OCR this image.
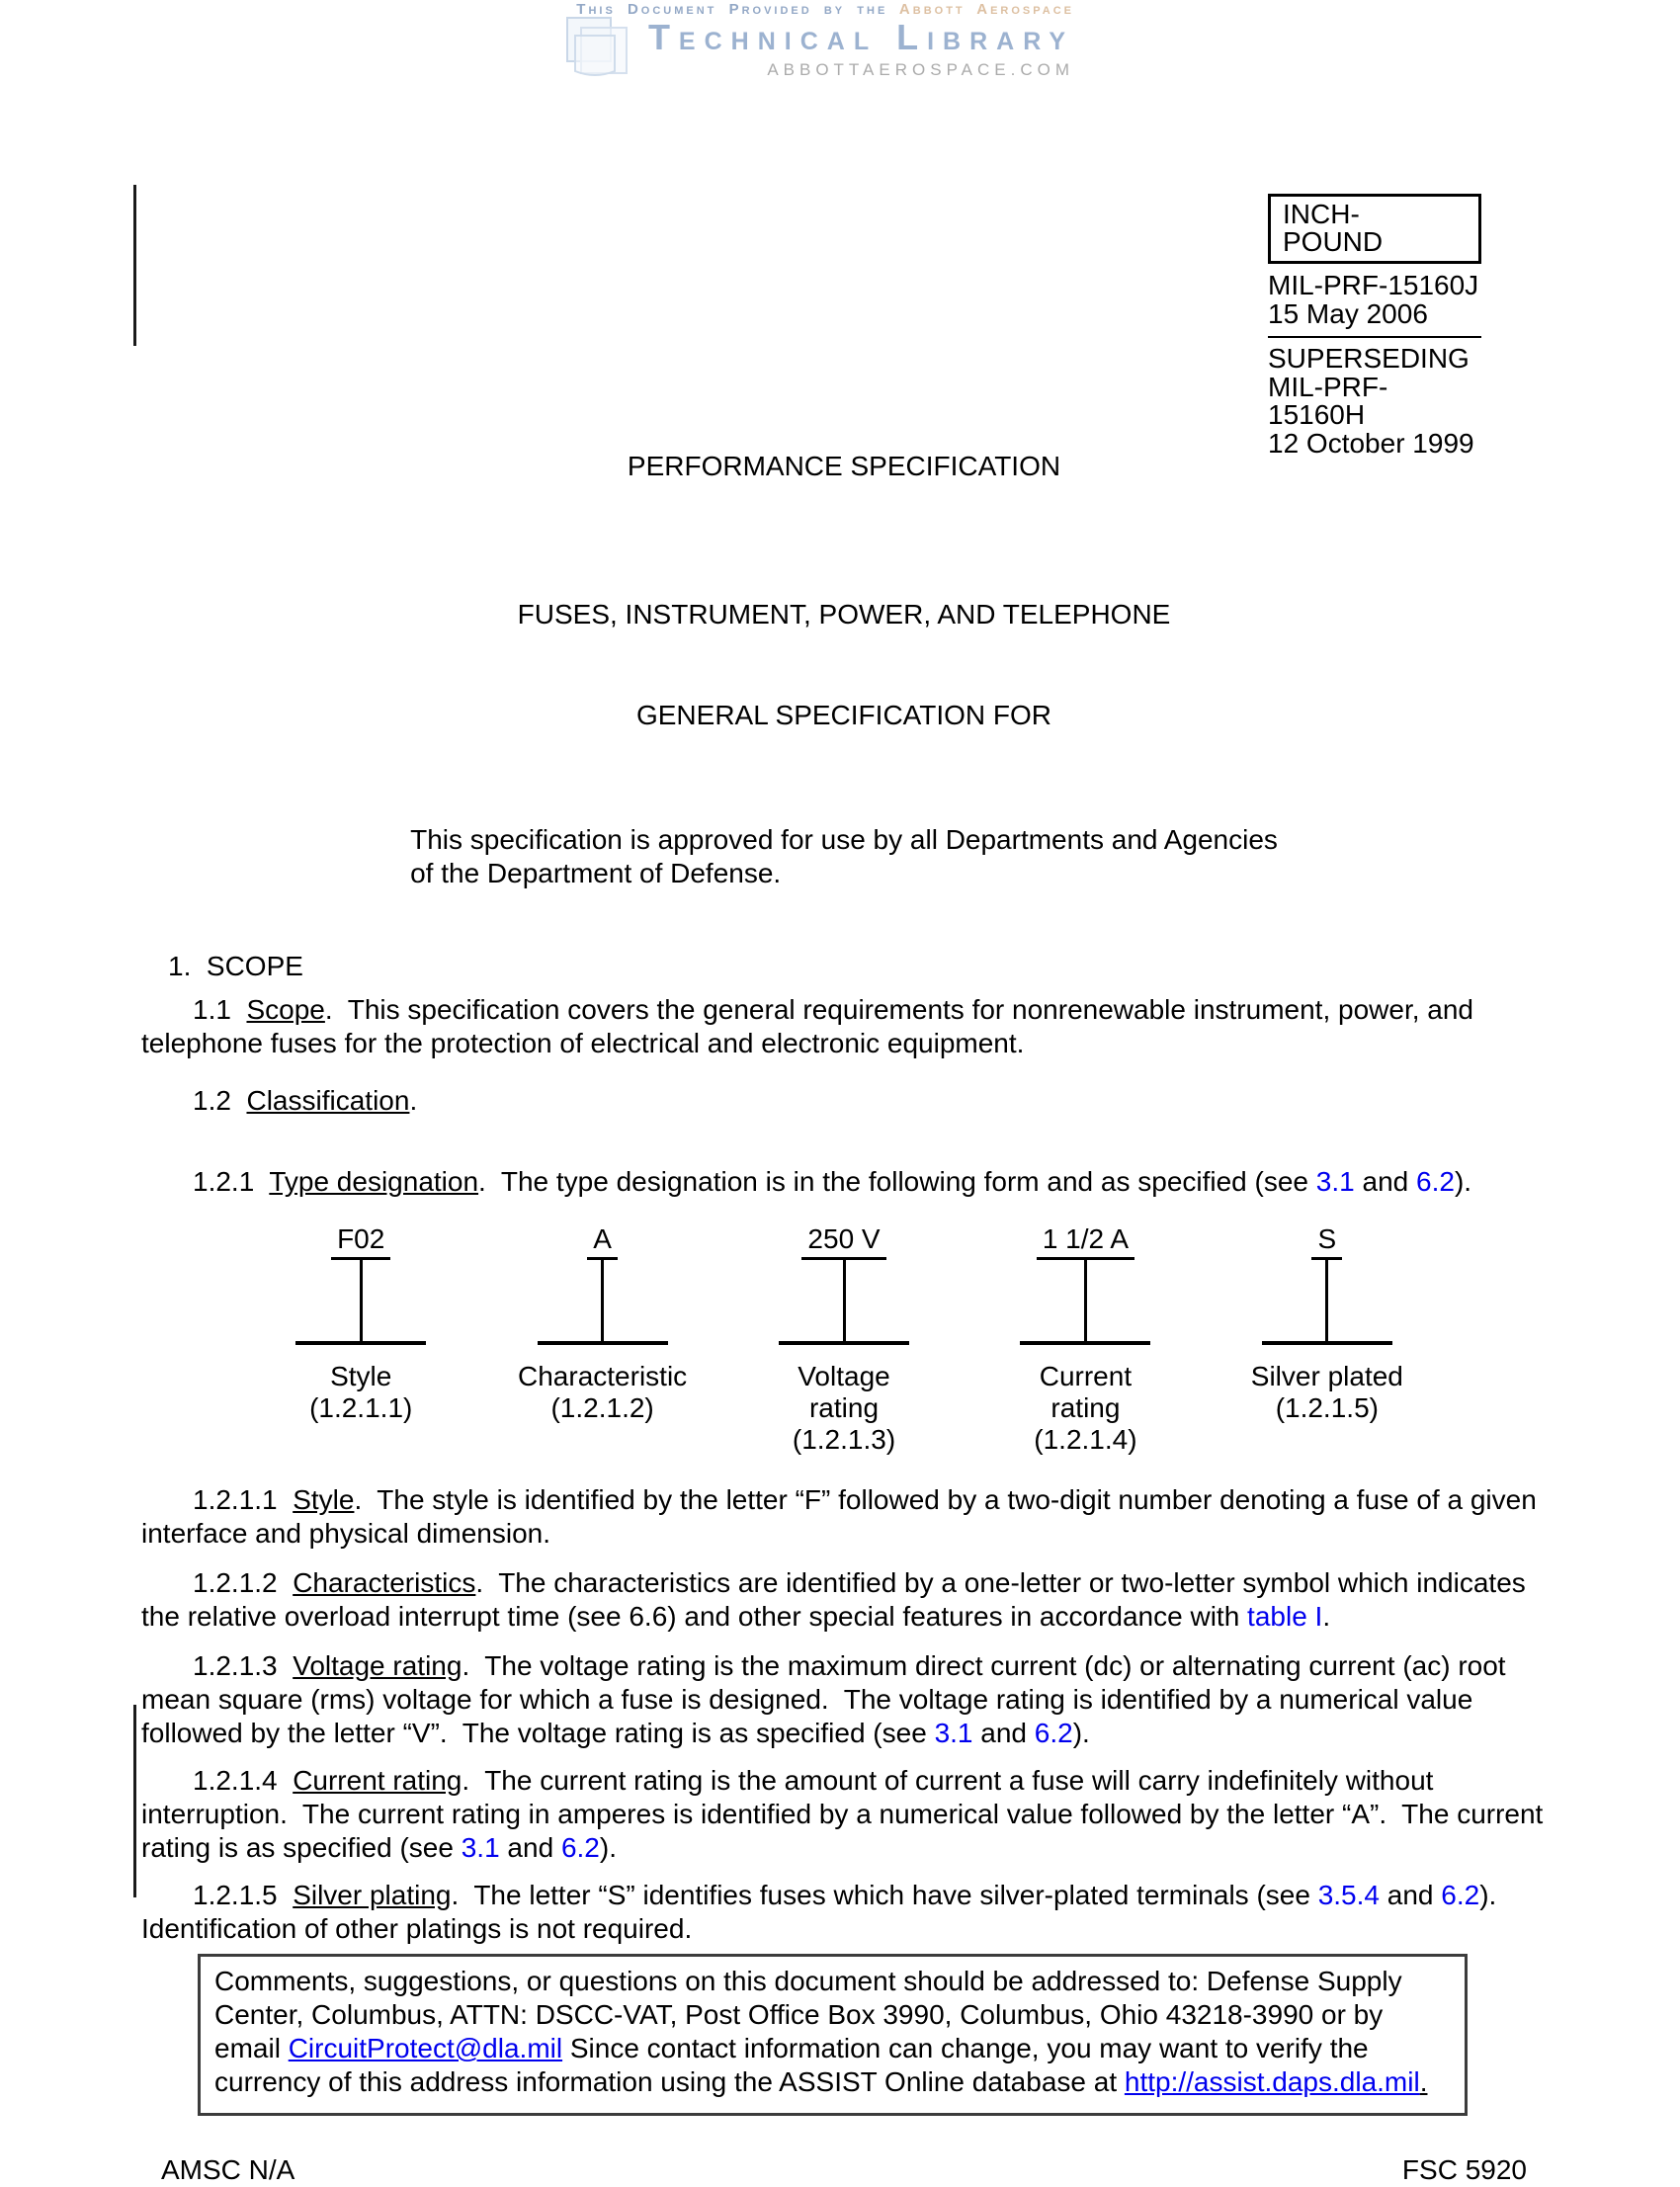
This Document Provided by the Abbott Aerospace
Technical Library
ABBOTTAEROSPACE.COM
INCH-POUND
MIL-PRF-15160J
15 May 2006
SUPERSEDING
MIL-PRF-15160H
12 October 1999
PERFORMANCE SPECIFICATION

FUSES, INSTRUMENT, POWER, AND TELEPHONE

GENERAL SPECIFICATION FOR

This specification is approved for use by all Departments and Agencies
of the Department of Defense.
1.  SCOPE
1.1  Scope.  This specification covers the general requirements for nonrenewable instrument, power, and telephone fuses for the protection of electrical and electronic equipment.
1.2  Classification.
1.2.1  Type designation.  The type designation is in the following form and as specified (see 3.1 and 6.2).
F02
Style
(1.2.1.1)
A
Characteristic
(1.2.1.2)
250 V
Voltage
rating
(1.2.1.3)
1 1/2 A
Current
rating
(1.2.1.4)
S
Silver plated
(1.2.1.5)
1.2.1.1  Style.  The style is identified by the letter “F” followed by a two-digit number denoting a fuse of a given interface and physical dimension.
1.2.1.2  Characteristics.  The characteristics are identified by a one-letter or two-letter symbol which indicates the relative overload interrupt time (see 6.6) and other special features in accordance with table I.
1.2.1.3  Voltage rating.  The voltage rating is the maximum direct current (dc) or alternating current (ac) root mean square (rms) voltage for which a fuse is designed.  The voltage rating is identified by a numerical value followed by the letter “V”.  The voltage rating is as specified (see 3.1 and 6.2).
1.2.1.4  Current rating.  The current rating is the amount of current a fuse will carry indefinitely without interruption.  The current rating in amperes is identified by a numerical value followed by the letter “A”.  The current rating is as specified (see 3.1 and 6.2).
1.2.1.5  Silver plating.  The letter “S” identifies fuses which have silver-plated terminals (see 3.5.4 and 6.2).  Identification of other platings is not required.
Comments, suggestions, or questions on this document should be addressed to: Defense Supply Center, Columbus, ATTN: DSCC-VAT, Post Office Box 3990, Columbus, Ohio 43218-3990 or by email CircuitProtect@dla.mil Since contact information can change, you may want to verify the currency of this address information using the ASSIST Online database at http://assist.daps.dla.mil.
AMSC N/A	FSC 5920
